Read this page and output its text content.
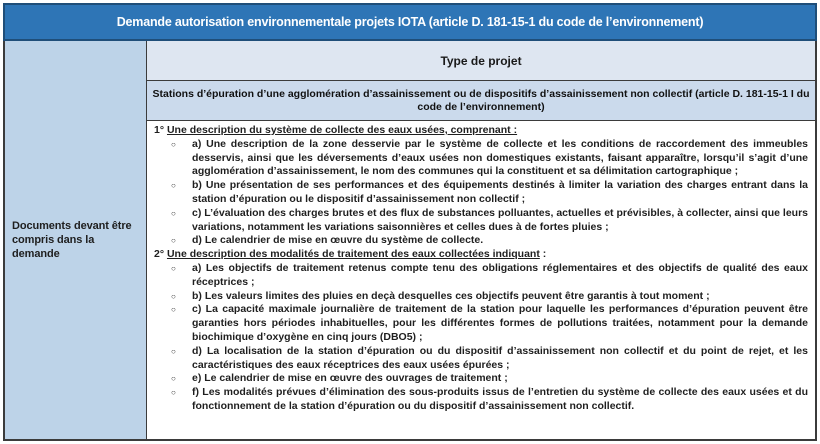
Demande autorisation environnementale projets IOTA (article D. 181-15-1 du code de l’environnement)
Documents devant être compris dans la demande
Type de projet
Stations d’épuration d’une agglomération d’assainissement ou de dispositifs d’assainissement non collectif (article D. 181-15-1 I du code de l’environnement)
1° Une description du système de collecte des eaux usées, comprenant :
○ a) Une description de la zone desservie par le système de collecte et les conditions de raccordement des immeubles desservis, ainsi que les déversements d’eaux usées non domestiques existants, faisant apparaître, lorsqu’il s’agit d’une agglomération d’assainissement, le nom des communes qui la constituent et sa délimitation cartographique ;
○ b) Une présentation de ses performances et des équipements destinés à limiter la variation des charges entrant dans la station d’épuration ou le dispositif d’assainissement non collectif ;
○ c) L’évaluation des charges brutes et des flux de substances polluantes, actuelles et prévisibles, à collecter, ainsi que leurs variations, notamment les variations saisonnières et celles dues à de fortes pluies ;
○ d) Le calendrier de mise en œuvre du système de collecte.
2° Une description des modalités de traitement des eaux collectées indiquant :
○ a) Les objectifs de traitement retenus compte tenu des obligations réglementaires et des objectifs de qualité des eaux réceptrices ;
○ b) Les valeurs limites des pluies en deçà desquelles ces objectifs peuvent être garantis à tout moment ;
○ c) La capacité maximale journalière de traitement de la station pour laquelle les performances d’épuration peuvent être garanties hors périodes inhabituelles, pour les différentes formes de pollutions traitées, notamment pour la demande biochimique d’oxygène en cinq jours (DBO5) ;
○ d) La localisation de la station d’épuration ou du dispositif d’assainissement non collectif et du point de rejet, et les caractéristiques des eaux réceptrices des eaux usées épurées ;
○ e) Le calendrier de mise en œuvre des ouvrages de traitement ;
○ f) Les modalités prévues d’élimination des sous-produits issus de l’entretien du système de collecte des eaux usées et du fonctionnement de la station d’épuration ou du dispositif d’assainissement non collectif.
